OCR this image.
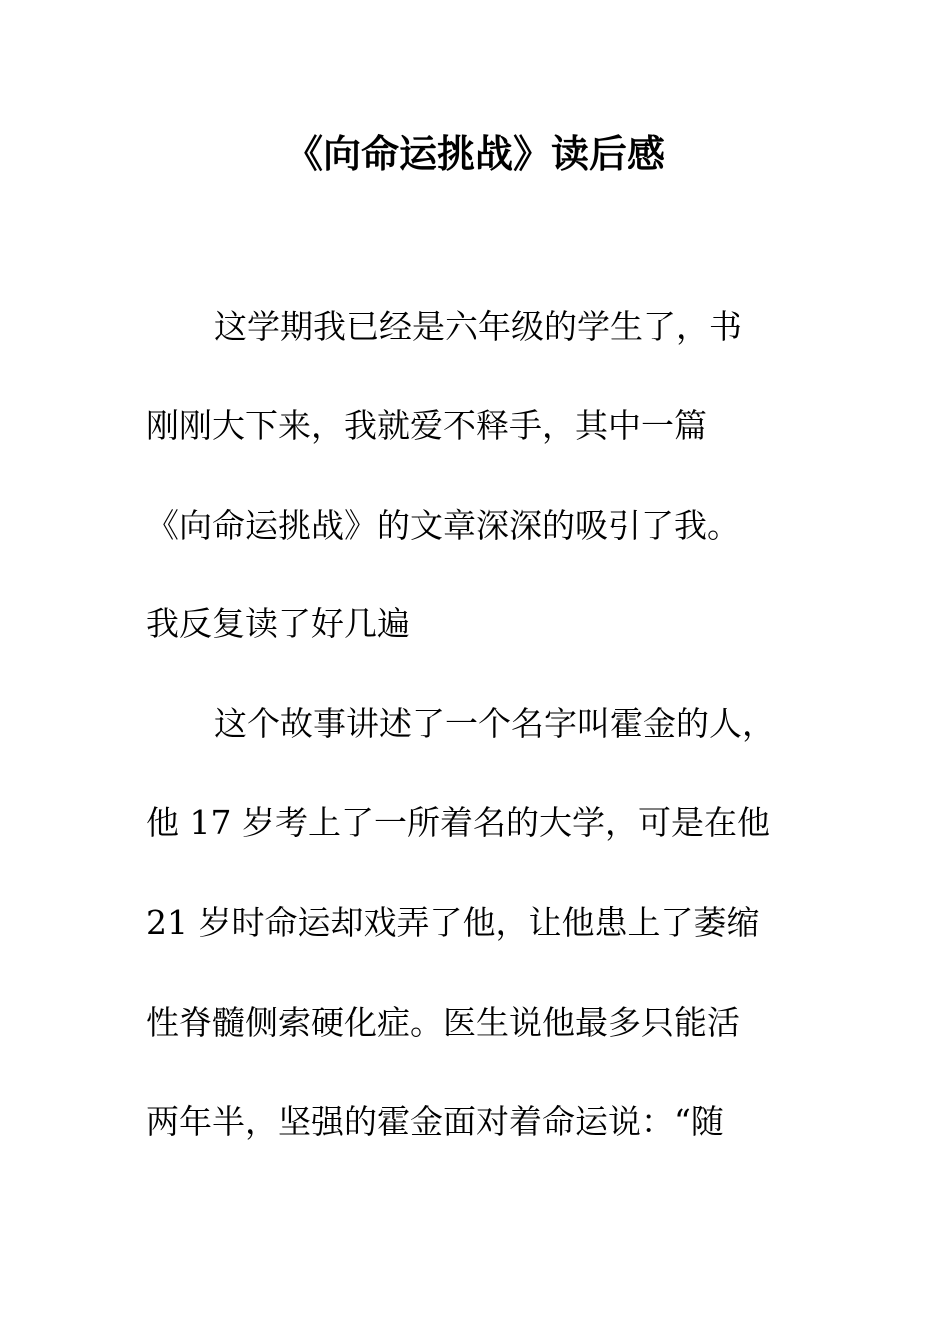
《向命运挑战》读后感
这学期我已经是六年级的学生了，书
刚刚大下来，我就爱不释手，其中一篇
《向命运挑战》的文章深深的吸引了我。
我反复读了好几遍
这个故事讲述了一个名字叫霍金的人，
他 17 岁考上了一所着名的大学，可是在他
21 岁时命运却戏弄了他，让他患上了萎缩
性脊髓侧索硬化症。医生说他最多只能活
两年半，坚强的霍金面对着命运说：“随
